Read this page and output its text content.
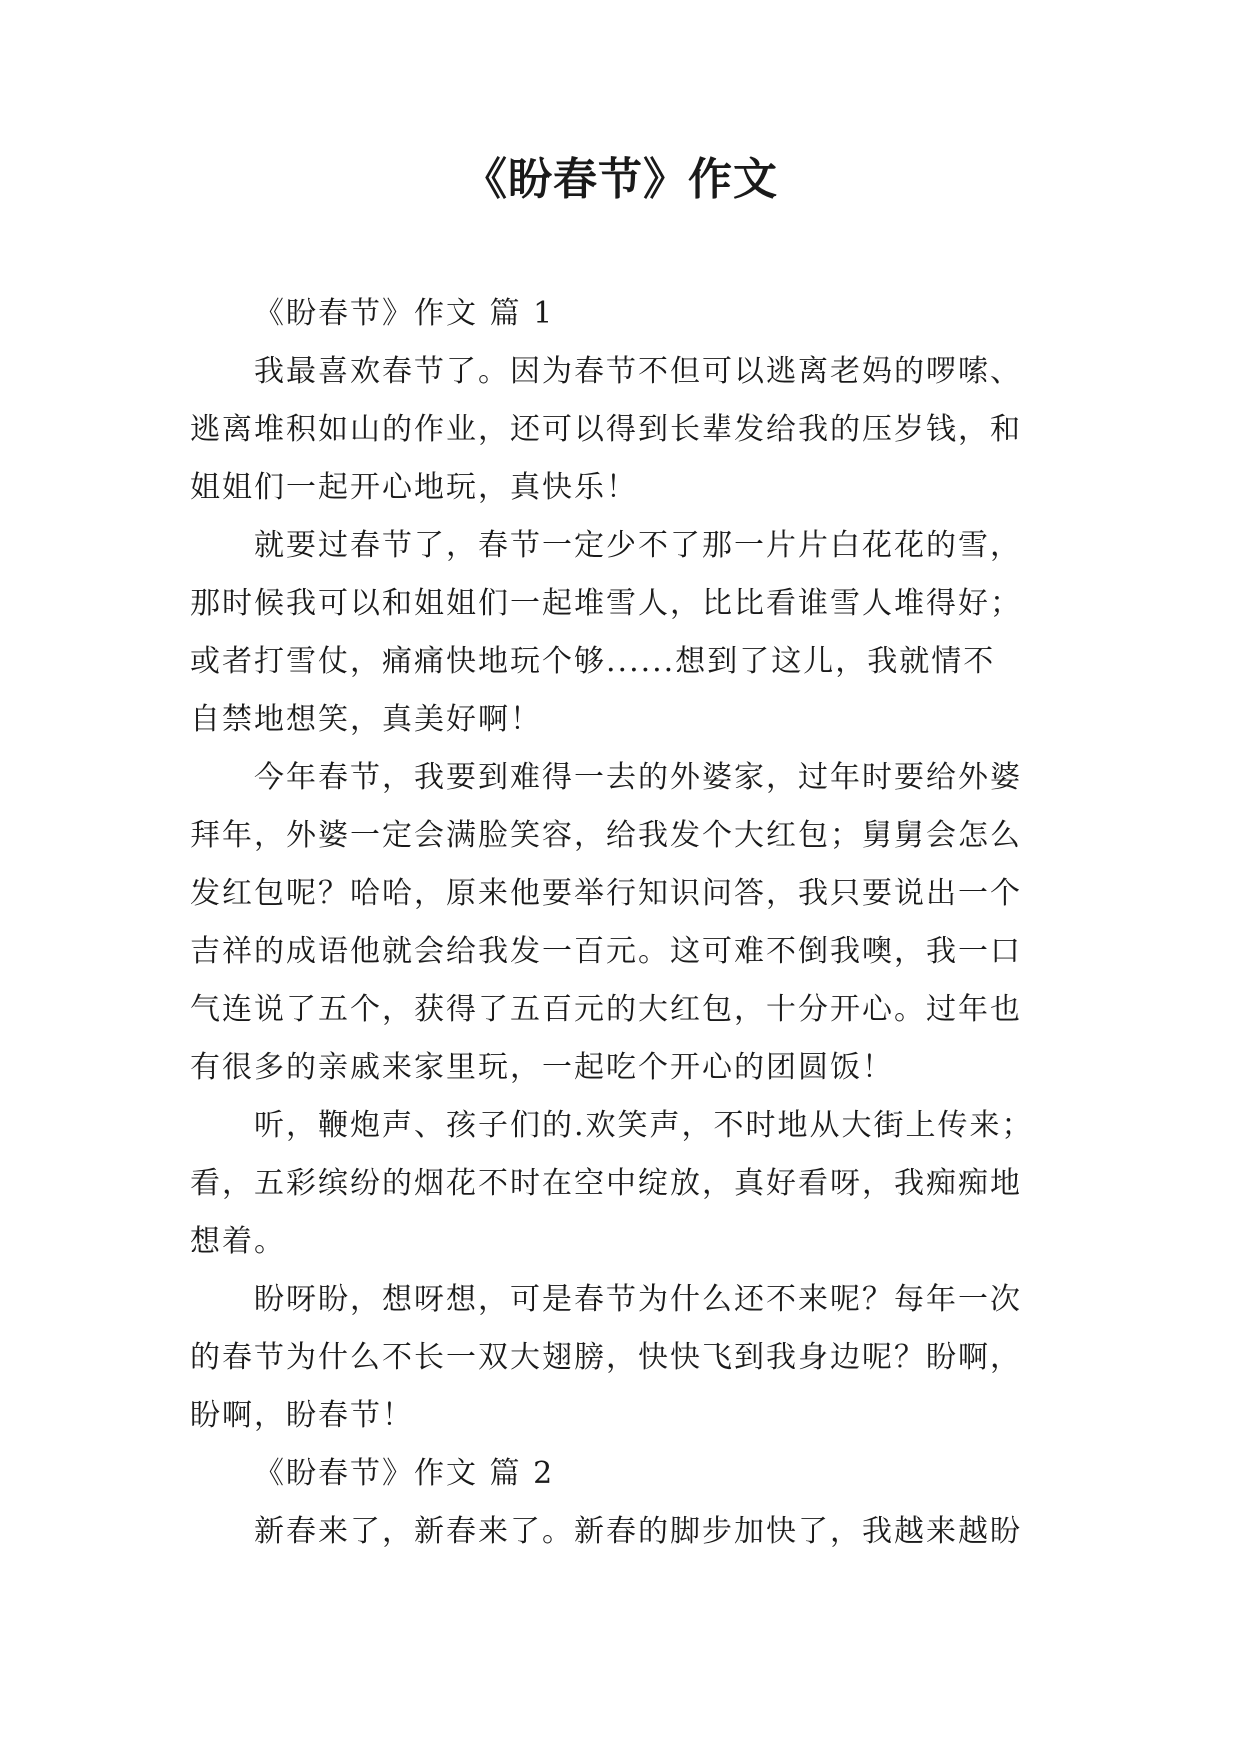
《盼春节》作文
《盼春节》作文 篇 1
我最喜欢春节了。因为春节不但可以逃离老妈的啰嗦、
逃离堆积如山的作业，还可以得到长辈发给我的压岁钱，和
姐姐们一起开心地玩，真快乐！
就要过春节了，春节一定少不了那一片片白花花的雪，
那时候我可以和姐姐们一起堆雪人，比比看谁雪人堆得好；
或者打雪仗，痛痛快地玩个够......想到了这儿，我就情不
自禁地想笑，真美好啊！
今年春节，我要到难得一去的外婆家，过年时要给外婆
拜年，外婆一定会满脸笑容，给我发个大红包；舅舅会怎么
发红包呢？哈哈，原来他要举行知识问答，我只要说出一个
吉祥的成语他就会给我发一百元。这可难不倒我噢，我一口
气连说了五个，获得了五百元的大红包，十分开心。过年也
有很多的亲戚来家里玩，一起吃个开心的团圆饭！
听，鞭炮声、孩子们的.欢笑声，不时地从大街上传来；
看，五彩缤纷的烟花不时在空中绽放，真好看呀，我痴痴地
想着。
盼呀盼，想呀想，可是春节为什么还不来呢？每年一次
的春节为什么不长一双大翅膀，快快飞到我身边呢？盼啊，
盼啊，盼春节！
《盼春节》作文 篇 2
新春来了，新春来了。新春的脚步加快了，我越来越盼
